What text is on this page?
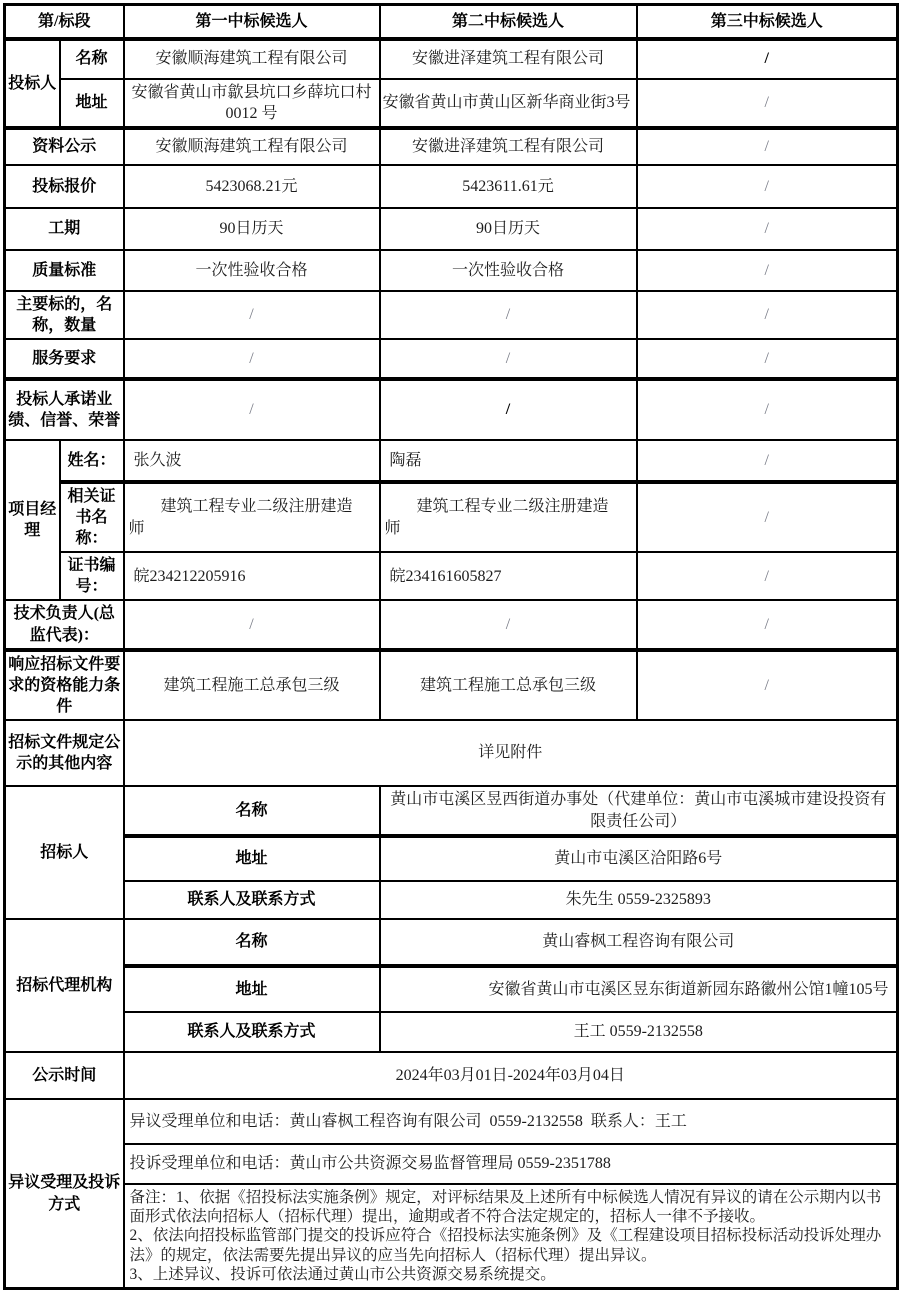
第/标段		第一中标候选人	第二中标候选人	第三中标候选人
投标人	名称	安徽顺海建筑工程有限公司	安徽进泽建筑工程有限公司	/
	地址	安徽省黄山市歙县坑口乡薛坑口村 0012 号	安徽省黄山市黄山区新华商业街3号	/
资料公示		安徽顺海建筑工程有限公司	安徽进泽建筑工程有限公司	/
投标报价		5423068.21元	5423611.61元	/
工期		90日历天	90日历天	/
质量标准		一次性验收合格	一次性验收合格	/
主要标的，名称，数量		/	/	/
服务要求		/	/	/
投标人承诺业绩、信誉、荣誉		/	/	/
项目经理	姓名：	张久波	陶磊	/
	相关证书名称：	建筑工程专业二级注册建造师	建筑工程专业二级注册建造师	/
	证书编号：	皖234212205916	皖234161605827	/
技术负责人(总监代表)：		/	/	/
响应招标文件要求的资格能力条件		建筑工程施工总承包三级	建筑工程施工总承包三级	/
招标文件规定公示的其他内容		详见附件		
招标人		名称	黄山市屯溪区昱西街道办事处（代建单位：黄山市屯溪城市建设投资有限责任公司）	
		地址	黄山市屯溪区洽阳路6号	
		联系人及联系方式	朱先生 0559-2325893	
招标代理机构		名称	黄山睿枫工程咨询有限公司	
		地址	安徽省黄山市屯溪区昱东街道新园东路徽州公馆1幢105号	
		联系人及联系方式	王工 0559-2132558	
公示时间		2024年03月01日-2024年03月04日		
异议受理及投诉方式		异议受理单位和电话：黄山睿枫工程咨询有限公司  0559-2132558  联系人：王工		
		投诉受理单位和电话：黄山市公共资源交易监督管理局 0559-2351788		

		备注：1、依据《招投标法实施条例》规定，对评标结果及上述所有中标候选人情况有异议的请在公示期内以书面形式依法向招标人（招标代理）提出，逾期或者不符合法定规定的，招标人一律不予接收。

2、依法向招投标监管部门提交的投诉应符合《招投标法实施条例》及《工程建设项目招标投标活动投诉处理办法》的规定，依法需要先提出异议的应当先向招标人（招标代理）提出异议。

3、上述异议、投诉可依法通过黄山市公共资源交易系统提交。		
